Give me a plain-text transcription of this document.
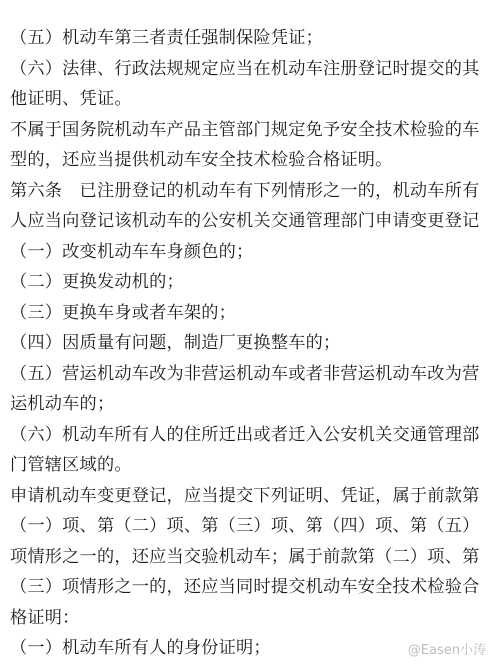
（五）机动车第三者责任强制保险凭证；
（六）法律、行政法规规定应当在机动车注册登记时提交的其
他证明、凭证。
不属于国务院机动车产品主管部门规定免予安全技术检验的车
型的，还应当提供机动车安全技术检验合格证明。
第六条　已注册登记的机动车有下列情形之一的，机动车所有
人应当向登记该机动车的公安机关交通管理部门申请变更登记
（一）改变机动车车身颜色的；
（二）更换发动机的；
（三）更换车身或者车架的；
（四）因质量有问题，制造厂更换整车的；
（五）营运机动车改为非营运机动车或者非营运机动车改为营
运机动车的；
（六）机动车所有人的住所迁出或者迁入公安机关交通管理部
门管辖区域的。
申请机动车变更登记，应当提交下列证明、凭证，属于前款第
（一）项、第（二）项、第（三）项、第（四）项、第（五）
项情形之一的，还应当交验机动车；属于前款第（二）项、第
（三）项情形之一的，还应当同时提交机动车安全技术检验合
格证明：
（一）机动车所有人的身份证明；	@Easen小涛
